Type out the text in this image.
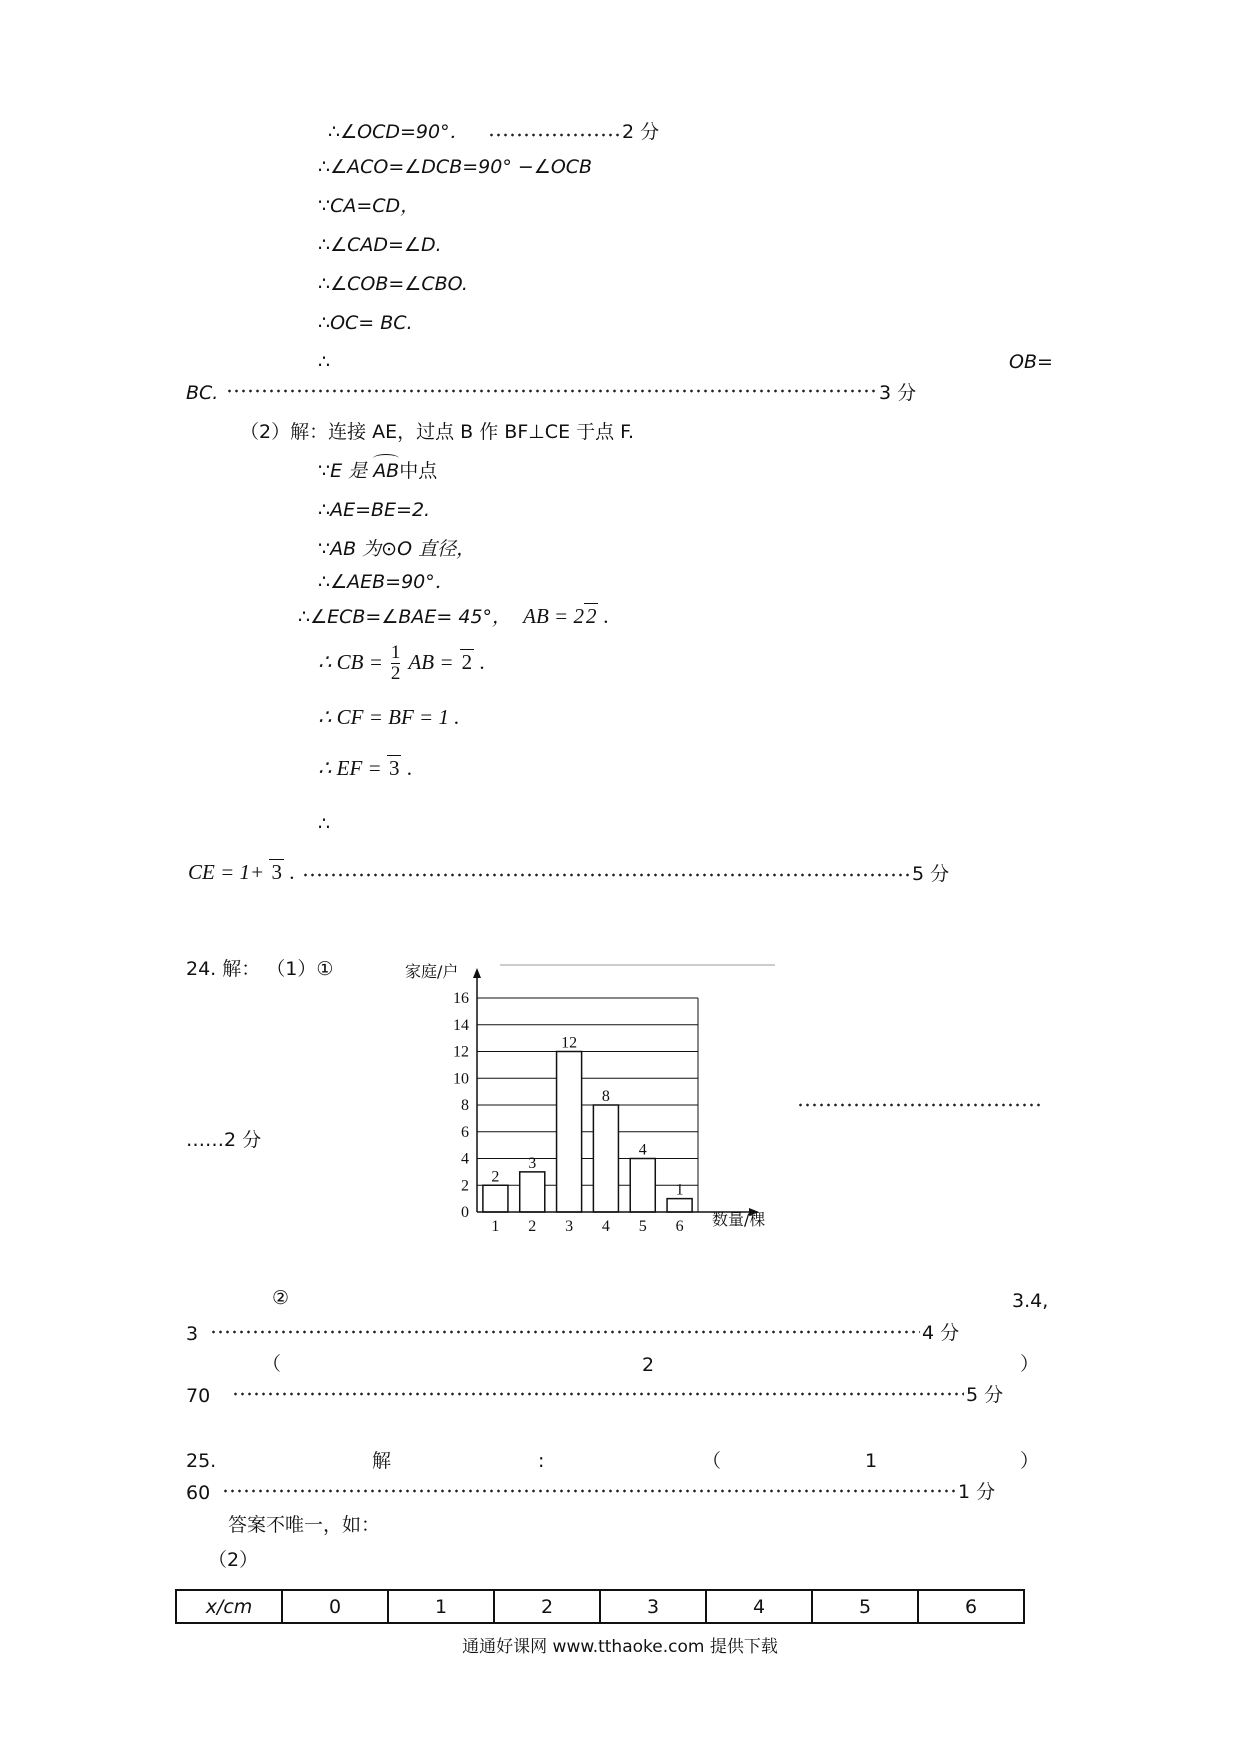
∴∠OCD=90°．	2 分
∴∠ACO=∠DCB=90° −∠OCB
∵CA=CD，
∴∠CAD=∠D.
∴∠COB=∠CBO.
∴OC= BC.
∴	OB=
BC.	3 分
（2）解：连接 AE，过点 B 作 BF⊥CE 于点 F.
∵E 是 AB中点
∴AE=BE=2.
∵AB 为⊙O 直径，
∴∠AEB=90°．
∴∠ECB=∠BAE= 45°， AB = 22 .
∴ CB = $\frac{1}{2}$ AB = 2 .
∴ CF = BF = 1 .
∴ EF = 3 .
∴
CE = 1+ 3 .	5 分
24. 解： （1）①
……2 分
0
2
4
6
8
10
12
14
16
1 2 3 4 5 6
2
3
12
8
4
1
家庭/户
数量/棵
②	3.4,
3	4 分
（	2	）
70	5 分
25.	解	:	（	1	）
60	1 分
答案不唯一，如：
（2）
x/cm	0	1	2	3	4	5	6
通通好课网 www.tthaoke.com 提供下载
